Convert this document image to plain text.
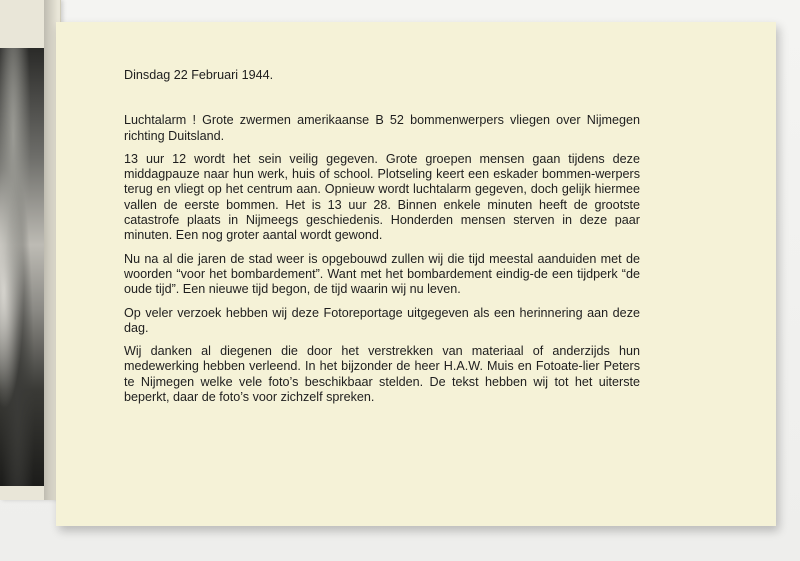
Dinsdag 22 Februari 1944.

Luchtalarm ! Grote zwermen amerikaanse B 52 bommenwerpers vliegen over Nijmegen richting Duitsland.

13 uur 12 wordt het sein veilig gegeven. Grote groepen mensen gaan tijdens deze middagpauze naar hun werk, huis of school. Plotseling keert een eskader bommen-werpers terug en vliegt op het centrum aan. Opnieuw wordt luchtalarm gegeven, doch gelijk hiermee vallen de eerste bommen. Het is 13 uur 28. Binnen enkele minuten heeft de grootste catastrofe plaats in Nijmeegs geschiedenis. Honderden mensen sterven in deze paar minuten. Een nog groter aantal wordt gewond.

Nu na al die jaren de stad weer is opgebouwd zullen wij die tijd meestal aanduiden met de woorden “voor het bombardement”. Want met het bombardement eindig-de een tijdperk “de oude tijd”. Een nieuwe tijd begon, de tijd waarin wij nu leven.

Op veler verzoek hebben wij deze Fotoreportage uitgegeven als een herinnering aan deze dag.

Wij danken al diegenen die door het verstrekken van materiaal of anderzijds hun medewerking hebben verleend. In het bijzonder de heer H.A.W. Muis en Fotoate-lier Peters te Nijmegen welke vele foto’s beschikbaar stelden. De tekst hebben wij tot het uiterste beperkt, daar de foto’s voor zichzelf spreken.
